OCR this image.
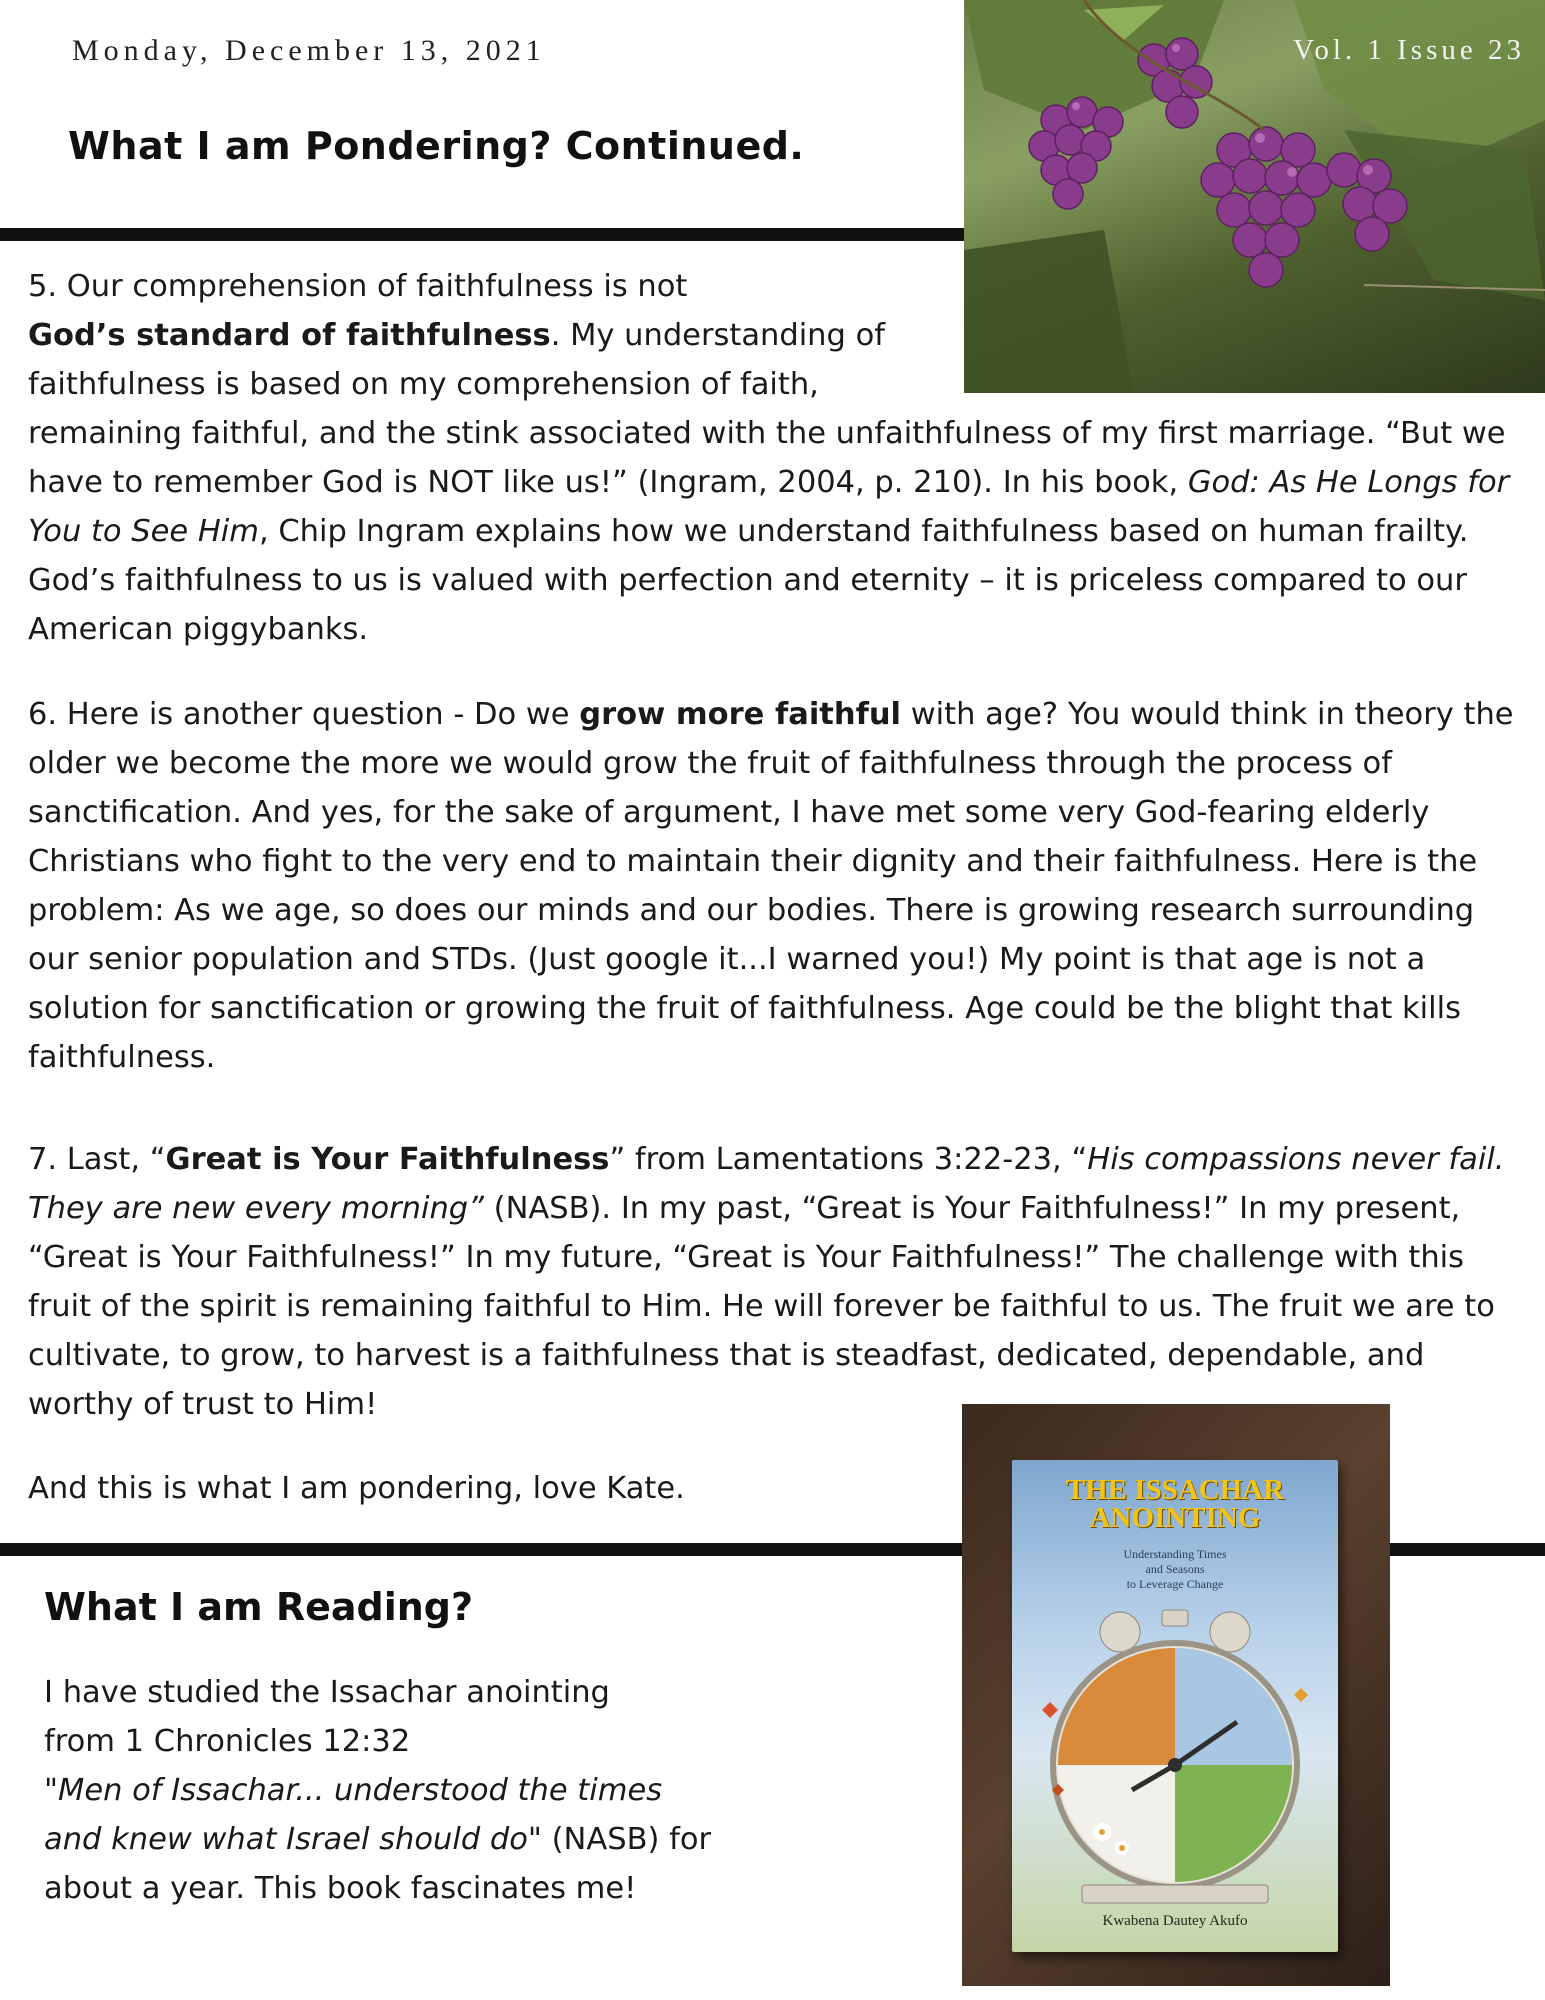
Monday, December 13, 2021
What I am Pondering? Continued.
Vol. 1 Issue 23

5. Our comprehension of faithfulness is not
God’s standard of faithfulness. My understanding of
faithfulness is based on my comprehension of faith,

remaining faithful, and the stink associated with the unfaithfulness of my first marriage. “But we have to remember God is NOT like us!” (Ingram, 2004, p. 210). In his book, God: As He Longs for You to See Him, Chip Ingram explains how we understand faithfulness based on human frailty. God’s faithfulness to us is valued with perfection and eternity – it is priceless compared to our American piggybanks.

6. Here is another question - Do we grow more faithful with age? You would think in theory the older we become the more we would grow the fruit of faithfulness through the process of sanctification. And yes, for the sake of argument, I have met some very God-fearing elderly Christians who fight to the very end to maintain their dignity and their faithfulness. Here is the problem: As we age, so does our minds and our bodies. There is growing research surrounding our senior population and STDs. (Just google it...I warned you!) My point is that age is not a solution for sanctification or growing the fruit of faithfulness. Age could be the blight that kills faithfulness.

7. Last, “Great is Your Faithfulness” from Lamentations 3:22-23, “His compassions never fail. They are new every morning” (NASB). In my past, “Great is Your Faithfulness!” In my present, “Great is Your Faithfulness!” In my future, “Great is Your Faithfulness!” The challenge with this fruit of the spirit is remaining faithful to Him. He will forever be faithful to us. The fruit we are to cultivate, to grow, to harvest is a faithfulness that is steadfast, dedicated, dependable, and worthy of trust to Him!

And this is what I am pondering, love Kate.

What I am Reading?

I have studied the Issachar anointing
from 1 Chronicles 12:32
"Men of Issachar... understood the times
and knew what Israel should do" (NASB) for
about a year. This book fascinates me!

THE ISSACHAR
ANOINTING
Understanding Times
and Seasons
to Leverage Change
Kwabena Dautey Akufo
